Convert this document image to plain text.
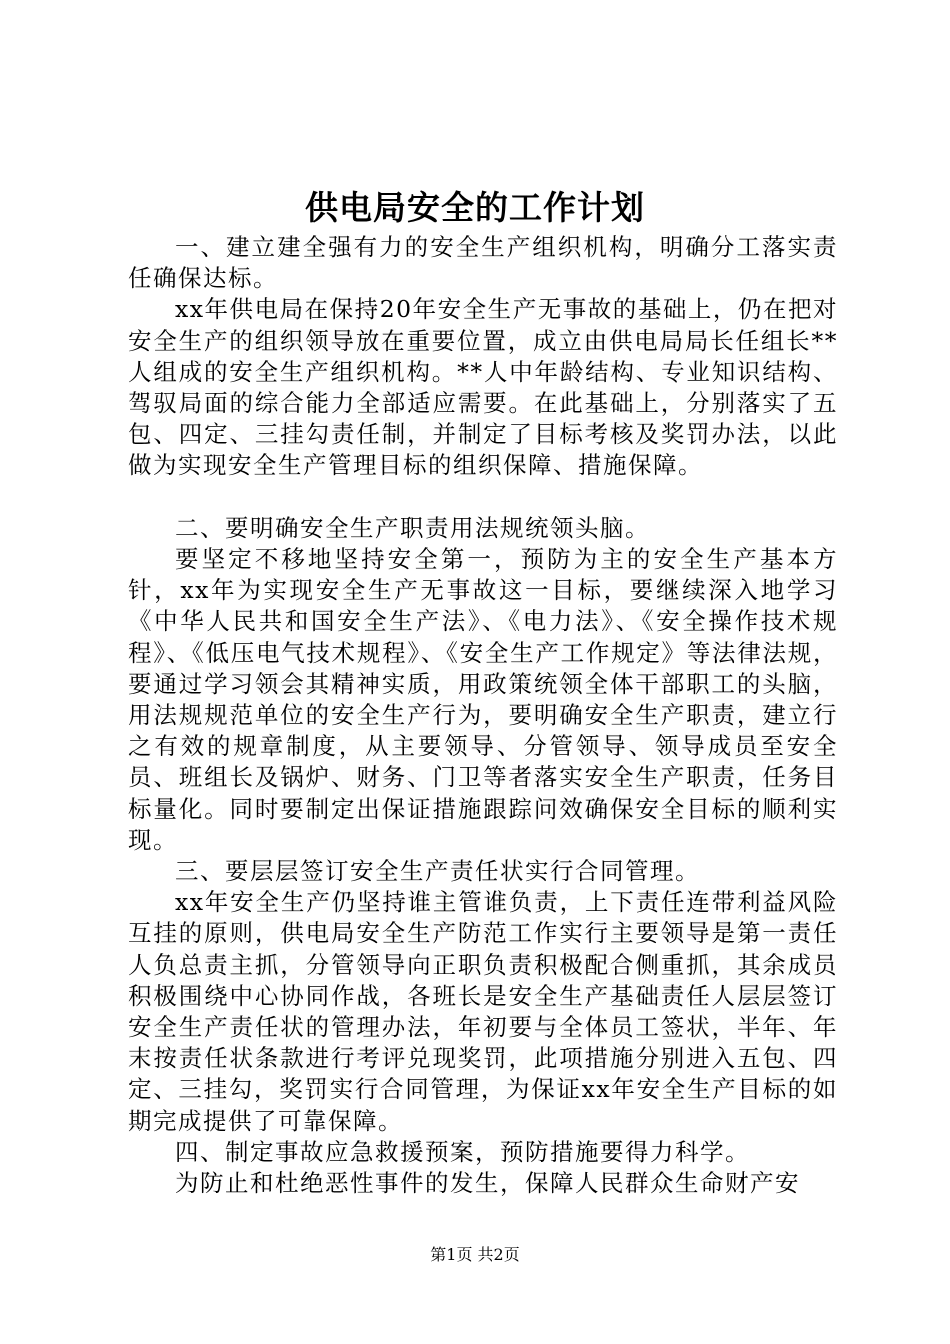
供电局安全的工作计划

一、建立建全强有力的安全生产组织机构，明确分工落实责任确保达标。

xx年供电局在保持20年安全生产无事故的基础上，仍在把对安全生产的组织领导放在重要位置，成立由供电局局长任组长**人组成的安全生产组织机构。**人中年龄结构、专业知识结构、驾驭局面的综合能力全部适应需要。在此基础上，分别落实了五包、四定、三挂勾责任制，并制定了目标考核及奖罚办法，以此做为实现安全生产管理目标的组织保障、措施保障。

二、要明确安全生产职责用法规统领头脑。

要坚定不移地坚持安全第一，预防为主的安全生产基本方针，xx年为实现安全生产无事故这一目标，要继续深入地学习《中华人民共和国安全生产法》、《电力法》、《安全操作技术规程》、《低压电气技术规程》、《安全生产工作规定》等法律法规，要通过学习领会其精神实质，用政策统领全体干部职工的头脑，用法规规范单位的安全生产行为，要明确安全生产职责，建立行之有效的规章制度，从主要领导、分管领导、领导成员至安全员、班组长及锅炉、财务、门卫等者落实安全生产职责，任务目标量化。同时要制定出保证措施跟踪问效确保安全目标的顺利实现。

三、要层层签订安全生产责任状实行合同管理。

xx年安全生产仍坚持谁主管谁负责，上下责任连带利益风险互挂的原则，供电局安全生产防范工作实行主要领导是第一责任人负总责主抓，分管领导向正职负责积极配合侧重抓，其余成员积极围绕中心协同作战，各班长是安全生产基础责任人层层签订安全生产责任状的管理办法，年初要与全体员工签状，半年、年末按责任状条款进行考评兑现奖罚，此项措施分别进入五包、四定、三挂勾，奖罚实行合同管理，为保证xx年安全生产目标的如期完成提供了可靠保障。

四、制定事故应急救援预案，预防措施要得力科学。

为防止和杜绝恶性事件的发生，保障人民群众生命财产安

第1页 共2页
